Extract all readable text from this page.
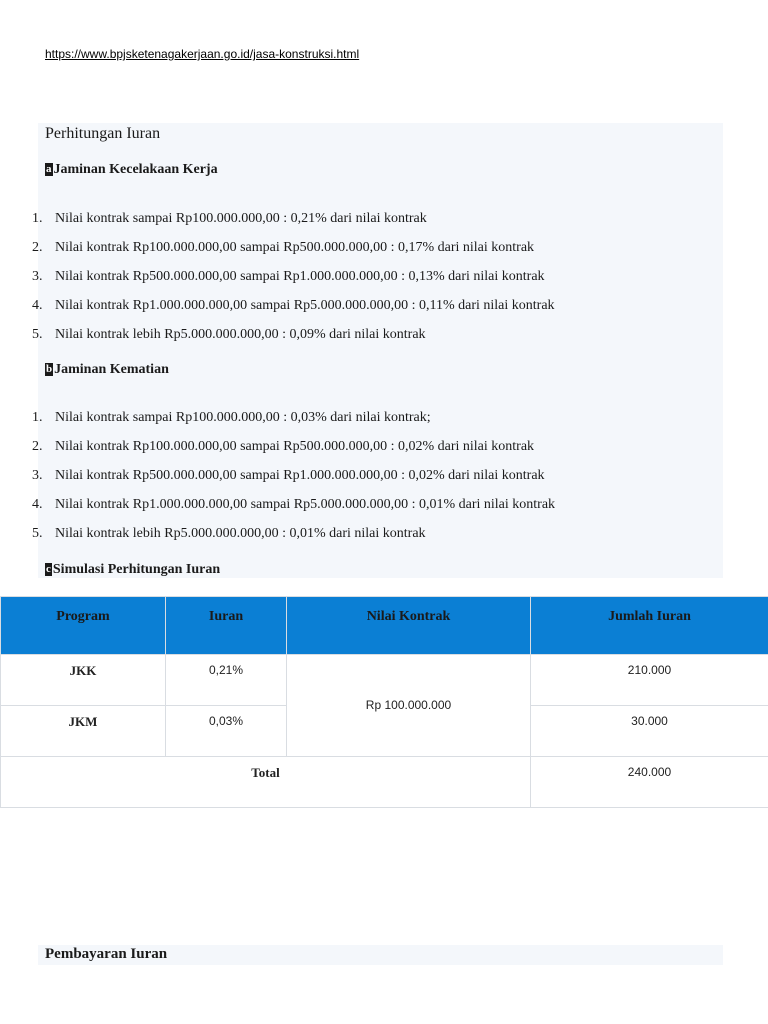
https://www.bpjsketenagakerjaan.go.id/jasa-konstruksi.html
Perhitungan Iuran
a Jaminan Kecelakaan Kerja
1. Nilai kontrak sampai Rp100.000.000,00 : 0,21% dari nilai kontrak
2. Nilai kontrak Rp100.000.000,00 sampai Rp500.000.000,00 : 0,17% dari nilai kontrak
3. Nilai kontrak Rp500.000.000,00 sampai Rp1.000.000.000,00 : 0,13% dari nilai kontrak
4. Nilai kontrak Rp1.000.000.000,00 sampai Rp5.000.000.000,00 : 0,11% dari nilai kontrak
5. Nilai kontrak lebih Rp5.000.000.000,00 : 0,09% dari nilai kontrak
b Jaminan Kematian
1. Nilai kontrak sampai Rp100.000.000,00 : 0,03% dari nilai kontrak;
2. Nilai kontrak Rp100.000.000,00 sampai Rp500.000.000,00 : 0,02% dari nilai kontrak
3. Nilai kontrak Rp500.000.000,00 sampai Rp1.000.000.000,00 : 0,02% dari nilai kontrak
4. Nilai kontrak Rp1.000.000.000,00 sampai Rp5.000.000.000,00 : 0,01% dari nilai kontrak
5. Nilai kontrak lebih Rp5.000.000.000,00 : 0,01% dari nilai kontrak
c Simulasi Perhitungan Iuran
Program	Iuran	Nilai Kontrak	Jumlah Iuran
JKK	0,21%	Rp 100.000.000	210.000
JKM	0,03%		30.000
Total			240.000
Pembayaran Iuran
